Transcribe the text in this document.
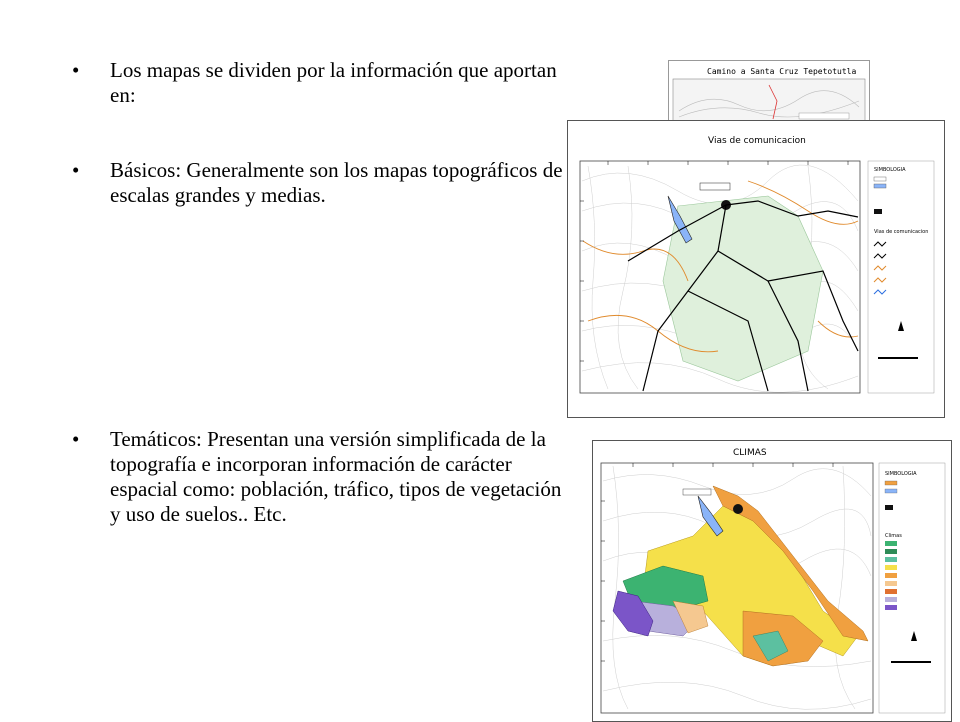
•	Los mapas se dividen por la información que aportan en:
•	Básicos: Generalmente son los mapas topográficos de escalas grandes y medias.
•	Temáticos: Presentan una versión simplificada de la topografía e incorporan información de carácter espacial como: población, tráfico, tipos de vegetación y uso de suelos.. Etc.
Camino a Santa Cruz Tepetotutla
Vias de comunicacion
SIMBOLOGIA
Vias de comunicacion
CLIMAS
SIMBOLOGIA
Climas
